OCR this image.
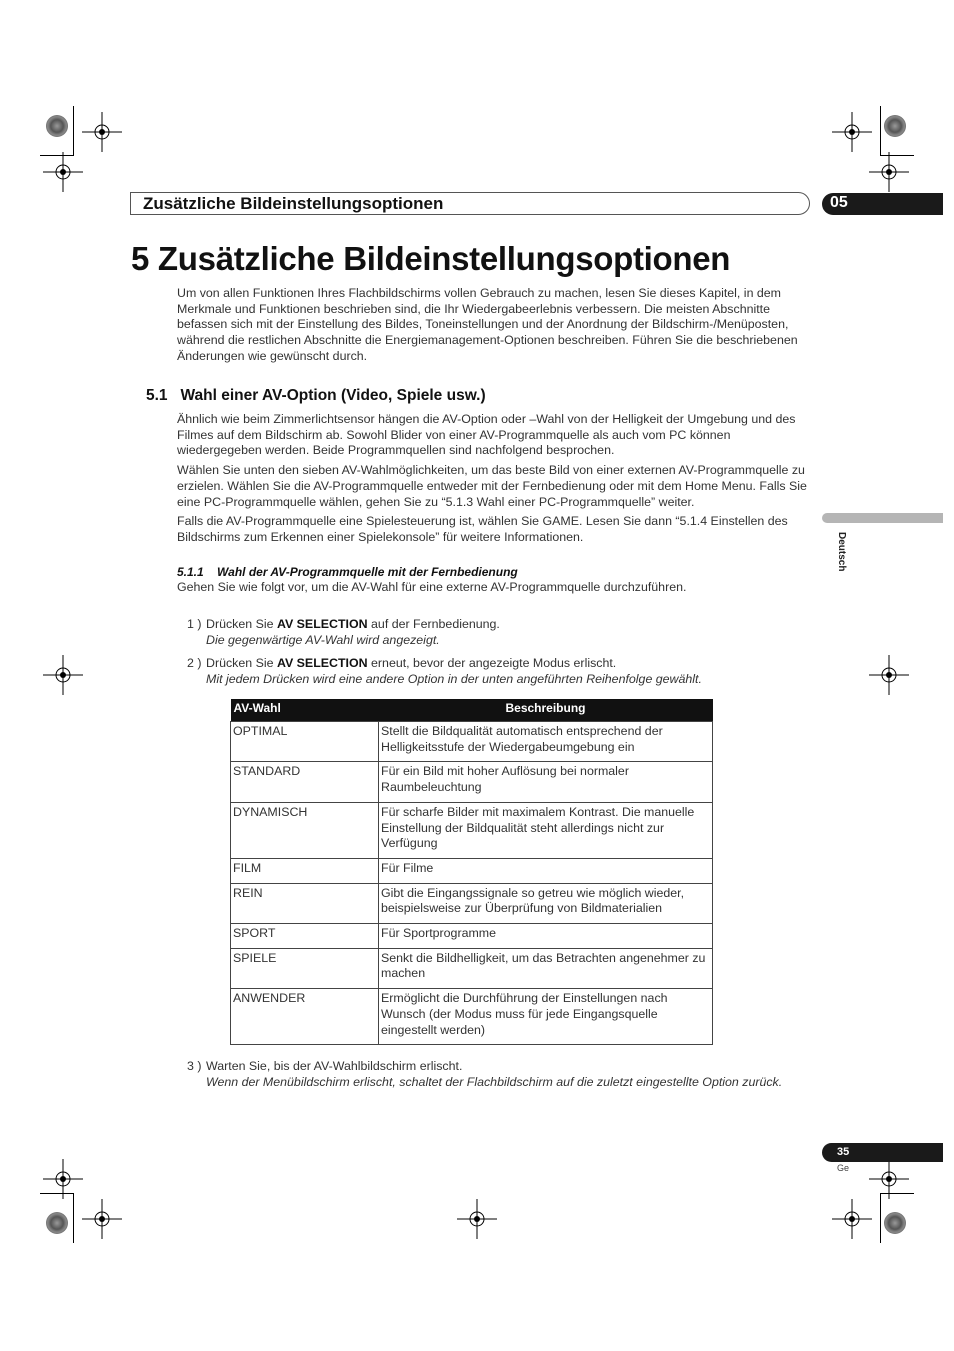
Zusätzliche Bildeinstellungsoptionen	05
5 Zusätzliche Bildeinstellungsoptionen

Um von allen Funktionen Ihres Flachbildschirms vollen Gebrauch zu machen, lesen Sie dieses Kapitel, in dem Merkmale und Funktionen beschrieben sind, die Ihr Wiedergabeerlebnis verbessern. Die meisten Abschnitte befassen sich mit der Einstellung des Bildes, Toneinstellungen und der Anordnung der Bildschirm-/Menüposten, während die restlichen Abschnitte die Energiemanagement-Optionen beschreiben. Führen Sie die beschriebenen Änderungen wie gewünscht durch.

5.1 Wahl einer AV-Option (Video, Spiele usw.)

Ähnlich wie beim Zimmerlichtsensor hängen die AV-Option oder –Wahl von der Helligkeit der Umgebung und des Filmes auf dem Bildschirm ab. Sowohl Blider von einer AV-Programmquelle als auch vom PC können wiedergegeben werden. Beide Programmquellen sind nachfolgend besprochen.

Wählen Sie unten den sieben AV-Wahlmöglichkeiten, um das beste Bild von einer externen AV-Programmquelle zu erzielen. Wählen Sie die AV-Programmquelle entweder mit der Fernbedienung oder mit dem Home Menu. Falls Sie eine PC-Programmquelle wählen, gehen Sie zu “5.1.3 Wahl einer PC-Programmquelle” weiter.

Falls die AV-Programmquelle eine Spielesteuerung ist, wählen Sie GAME. Lesen Sie dann “5.1.4 Einstellen des Bildschirms zum Erkennen einer Spielekonsole” für weitere Informationen.

5.1.1 Wahl der AV-Programmquelle mit der Fernbedienung
Gehen Sie wie folgt vor, um die AV-Wahl für eine externe AV-Programmquelle durchzuführen.
1 ) Drücken Sie AV SELECTION auf der Fernbedienung.
Die gegenwärtige AV-Wahl wird angezeigt.
2 ) Drücken Sie AV SELECTION erneut, bevor der angezeigte Modus erlischt.
Mit jedem Drücken wird eine andere Option in der unten angeführten Reihenfolge gewählt.
AV-Wahl	Beschreibung
OPTIMAL	Stellt die Bildqualität automatisch entsprechend der Helligkeitsstufe der Wiedergabeumgebung ein
STANDARD	Für ein Bild mit hoher Auflösung bei normaler Raumbeleuchtung
DYNAMISCH	Für scharfe Bilder mit maximalem Kontrast. Die manuelle Einstellung der Bildqualität steht allerdings nicht zur Verfügung
FILM	Für Filme
REIN	Gibt die Eingangssignale so getreu wie möglich wieder, beispielsweise zur Überprüfung von Bildmaterialien
SPORT	Für Sportprogramme
SPIELE	Senkt die Bildhelligkeit, um das Betrachten angenehmer zu machen
ANWENDER	Ermöglicht die Durchführung der Einstellungen nach Wunsch (der Modus muss für jede Eingangsquelle eingestellt werden)
3 ) Warten Sie, bis der AV-Wahlbildschirm erlischt.
Wenn der Menübildschirm erlischt, schaltet der Flachbildschirm auf die zuletzt eingestellte Option zurück.
Deutsch
35
Ge
